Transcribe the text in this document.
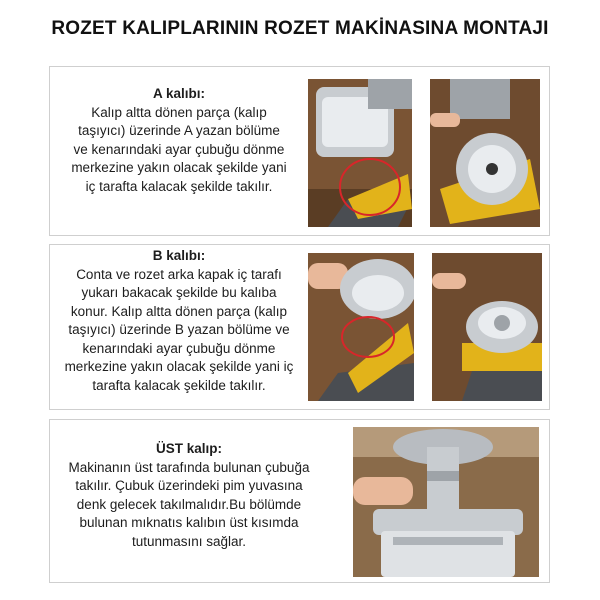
ROZET KALIPLARININ ROZET MAKİNASINA MONTAJI
A kalıbı:
Kalıp altta dönen parça (kalıp
taşıyıcı) üzerinde A yazan bölüme
ve kenarındaki ayar çubuğu dönme
merkezine yakın olacak şekilde yani
iç tarafta kalacak şekilde takılır.
B kalıbı:
Conta ve rozet arka kapak iç tarafı
yukarı bakacak şekilde bu kalıba
konur. Kalıp altta dönen parça (kalıp
taşıyıcı) üzerinde B yazan bölüme ve
kenarındaki ayar çubuğu dönme
merkezine yakın olacak şekilde yani iç
tarafta kalacak şekilde takılır.
ÜST kalıp:
Makinanın üst tarafında bulunan çubuğa
takılır. Çubuk üzerindeki pim yuvasına
denk gelecek takılmalıdır.Bu bölümde
bulunan mıknatıs kalıbın üst kısımda
tutunmasını sağlar.
